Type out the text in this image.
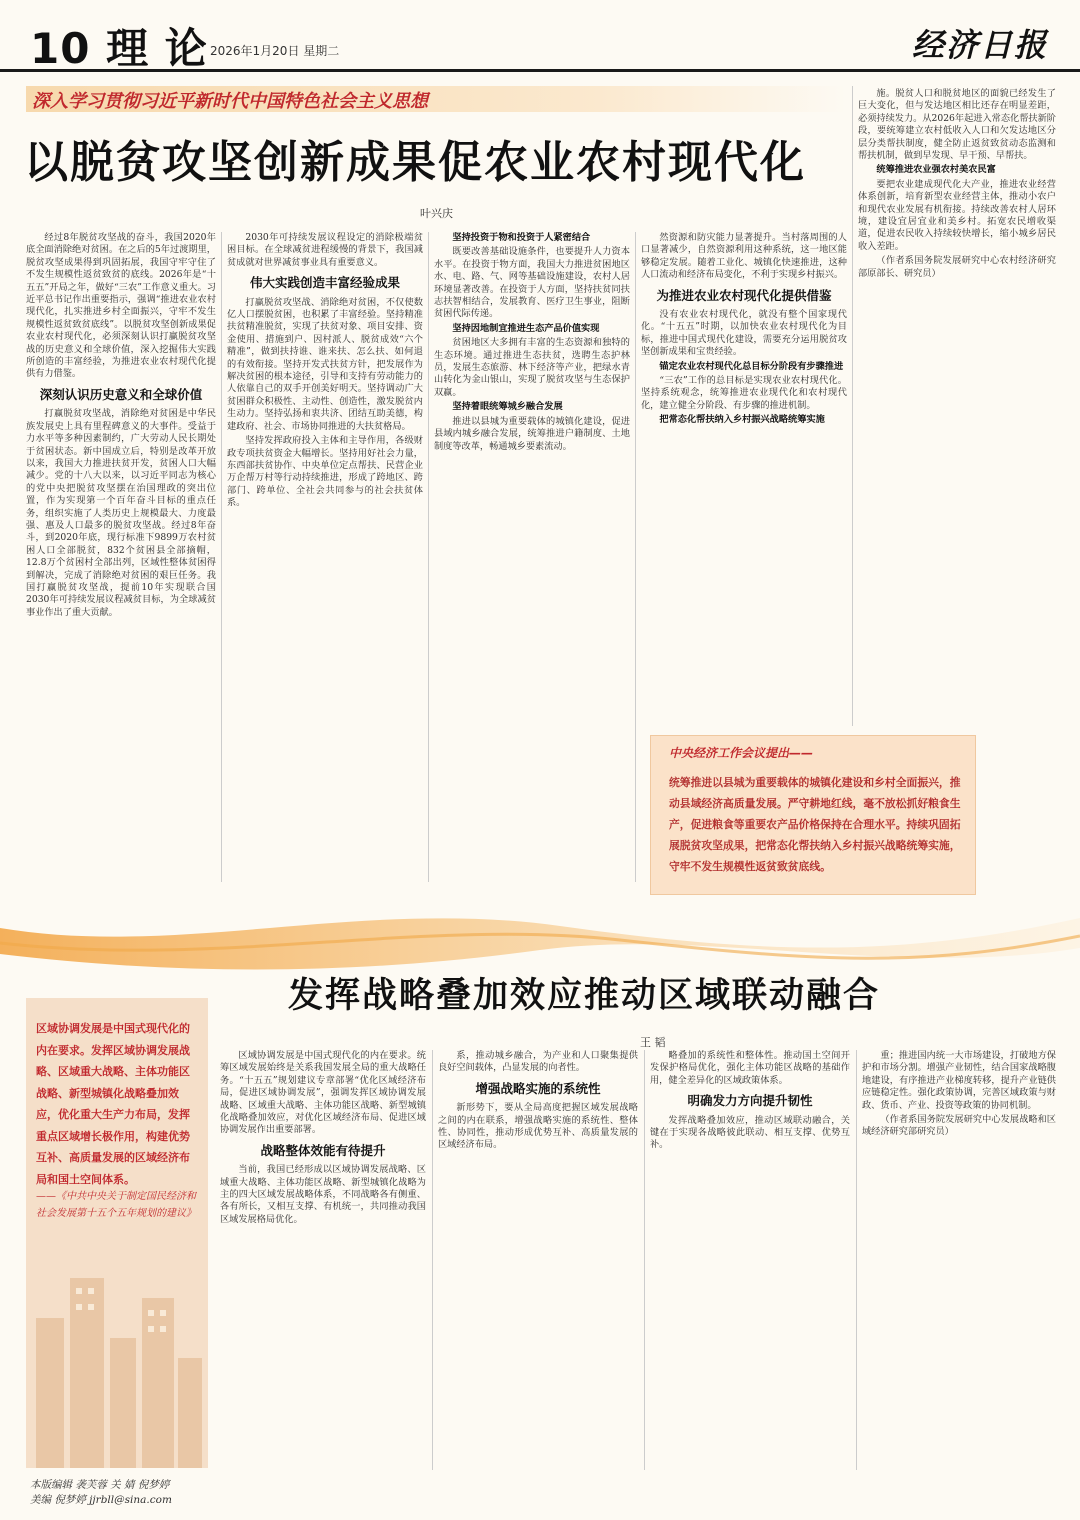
10 理 论 2026年1月20日 星期二	经济日报
深入学习贯彻习近平新时代中国特色社会主义思想
以脱贫攻坚创新成果促农业农村现代化
叶兴庆

经过8年脱贫攻坚战的奋斗，我国2020年底全面消除绝对贫困。在之后的5年过渡期里，脱贫攻坚成果得到巩固拓展，我国守牢守住了不发生规模性返贫致贫的底线。2026年是“十五五”开局之年，做好“三农”工作意义重大。习近平总书记作出重要指示，强调“推进农业农村现代化，扎实推进乡村全面振兴，守牢不发生规模性返贫致贫底线”。以脱贫攻坚创新成果促农业农村现代化，必须深刻认识打赢脱贫攻坚战的历史意义和全球价值，深入挖掘伟大实践所创造的丰富经验，为推进农业农村现代化提供有力借鉴。

深刻认识历史意义和全球价值

打赢脱贫攻坚战，消除绝对贫困是中华民族发展史上具有里程碑意义的大事件。受益于力水平等多种因素制约，广大劳动人民长期处于贫困状态。新中国成立后，特别是改革开放以来，我国大力推进扶贫开发，贫困人口大幅减少。党的十八大以来，以习近平同志为核心的党中央把脱贫攻坚摆在治国理政的突出位置，作为实现第一个百年奋斗目标的重点任务，组织实施了人类历史上规模最大、力度最强、惠及人口最多的脱贫攻坚战。经过8年奋斗，到2020年底，现行标准下9899万农村贫困人口全部脱贫，832个贫困县全部摘帽，12.8万个贫困村全部出列，区域性整体贫困得到解决，完成了消除绝对贫困的艰巨任务。我国打赢脱贫攻坚战，提前10年实现联合国2030年可持续发展议程减贫目标，为全球减贫事业作出了重大贡献。

2030年可持续发展议程设定的消除极端贫困目标。在全球减贫进程缓慢的背景下，我国减贫成就对世界减贫事业具有重要意义。

伟大实践创造丰富经验成果

打赢脱贫攻坚战、消除绝对贫困，不仅使数亿人口摆脱贫困，也积累了丰富经验。坚持精准扶贫精准脱贫，实现了扶贫对象、项目安排、资金使用、措施到户、因村派人、脱贫成效“六个精准”，做到扶持谁、谁来扶、怎么扶、如何退的有效衔接。坚持开发式扶贫方针，把发展作为解决贫困的根本途径，引导和支持有劳动能力的人依靠自己的双手开创美好明天。坚持调动广大贫困群众积极性、主动性、创造性，激发脱贫内生动力。坚持弘扬和衷共济、团结互助美德，构建政府、社会、市场协同推进的大扶贫格局。

坚持发挥政府投入主体和主导作用，各级财政专项扶贫资金大幅增长。坚持用好社会力量，东西部扶贫协作、中央单位定点帮扶、民营企业万企帮万村等行动持续推进，形成了跨地区、跨部门、跨单位、全社会共同参与的社会扶贫体系。

坚持投资于物和投资于人紧密结合

既要改善基础设施条件，也要提升人力资本水平。在投资于物方面，我国大力推进贫困地区水、电、路、气、网等基础设施建设，农村人居环境显著改善。在投资于人方面，坚持扶贫同扶志扶智相结合，发展教育、医疗卫生事业，阻断贫困代际传递。

坚持因地制宜推进生态产品价值实现

贫困地区大多拥有丰富的生态资源和独特的生态环境。通过推进生态扶贫，选聘生态护林员，发展生态旅游、林下经济等产业，把绿水青山转化为金山银山，实现了脱贫攻坚与生态保护双赢。

坚持着眼统筹城乡融合发展

推进以县城为重要载体的城镇化建设，促进县域内城乡融合发展，统筹推进户籍制度、土地制度等改革，畅通城乡要素流动。

然资源和防灾能力显著提升。当村落周围的人口显著减少，自然资源利用这种系统，这一地区能够稳定发展。随着工业化、城镇化快速推进，这种人口流动和经济布局变化，不利于实现乡村振兴。

为推进农业农村现代化提供借鉴

没有农业农村现代化，就没有整个国家现代化。“十五五”时期，以加快农业农村现代化为目标，推进中国式现代化建设，需要充分运用脱贫攻坚创新成果和宝贵经验。

锚定农业农村现代化总目标分阶段有步骤推进

“三农”工作的总目标是实现农业农村现代化。坚持系统观念，统筹推进农业现代化和农村现代化，建立健全分阶段、有步骤的推进机制。

把常态化帮扶纳入乡村振兴战略统筹实施

施。脱贫人口和脱贫地区的面貌已经发生了巨大变化，但与发达地区相比还存在明显差距，必须持续发力。从2026年起进入常态化帮扶新阶段，要统筹建立农村低收入人口和欠发达地区分层分类帮扶制度，健全防止返贫致贫动态监测和帮扶机制，做到早发现、早干预、早帮扶。

统筹推进农业强农村美农民富

要把农业建成现代化大产业，推进农业经营体系创新，培育新型农业经营主体，推动小农户和现代农业发展有机衔接。持续改善农村人居环境，建设宜居宜业和美乡村。拓宽农民增收渠道，促进农民收入持续较快增长，缩小城乡居民收入差距。

（作者系国务院发展研究中心农村经济研究部原部长、研究员）

中央经济工作会议提出——
统筹推进以县城为重要载体的城镇化建设和乡村全面振兴，推动县域经济高质量发展。严守耕地红线，毫不放松抓好粮食生产，促进粮食等重要农产品价格保持在合理水平。持续巩固拓展脱贫攻坚成果，把常态化帮扶纳入乡村振兴战略统筹实施，守牢不发生规模性返贫致贫底线。
发挥战略叠加效应推动区域联动融合
王 韬
区域协调发展是中国式现代化的内在要求。发挥区域协调发展战略、区域重大战略、主体功能区战略、新型城镇化战略叠加效应，优化重大生产力布局，发挥重点区域增长极作用，构建优势互补、高质量发展的区域经济布局和国土空间体系。
——《中共中央关于制定国民经济和社会发展第十五个五年规划的建议》

区域协调发展是中国式现代化的内在要求。统筹区域发展始终是关系我国发展全局的重大战略任务。“十五五”规划建议专章部署“优化区域经济布局，促进区域协调发展”，强调发挥区域协调发展战略、区域重大战略、主体功能区战略、新型城镇化战略叠加效应，对优化区域经济布局、促进区域协调发展作出重要部署。

战略整体效能有待提升

当前，我国已经形成以区域协调发展战略、区域重大战略、主体功能区战略、新型城镇化战略为主的四大区域发展战略体系，不同战略各有侧重、各有所长，又相互支撑、有机统一，共同推动我国区域发展格局优化。

系，推动城乡融合，为产业和人口聚集提供良好空间载体，凸显发展的向者性。

增强战略实施的系统性

新形势下，要从全局高度把握区域发展战略之间的内在联系，增强战略实施的系统性、整体性、协同性，推动形成优势互补、高质量发展的区域经济布局。

略叠加的系统性和整体性。推动国土空间开发保护格局优化，强化主体功能区战略的基础作用，健全差异化的区域政策体系。

明确发力方向提升韧性

发挥战略叠加效应，推动区域联动融合，关键在于实现各战略彼此联动、相互支撑、优势互补。

重；推进国内统一大市场建设，打破地方保护和市场分割。增强产业韧性，结合国家战略腹地建设，有序推进产业梯度转移，提升产业链供应链稳定性。强化政策协调，完善区域政策与财政、货币、产业、投资等政策的协同机制。

（作者系国务院发展研究中心发展战略和区域经济研究部研究员）

本版编辑 袭芙蓉 关 婧 倪梦婷
美编 倪梦婷 jjrbll@sina.com
